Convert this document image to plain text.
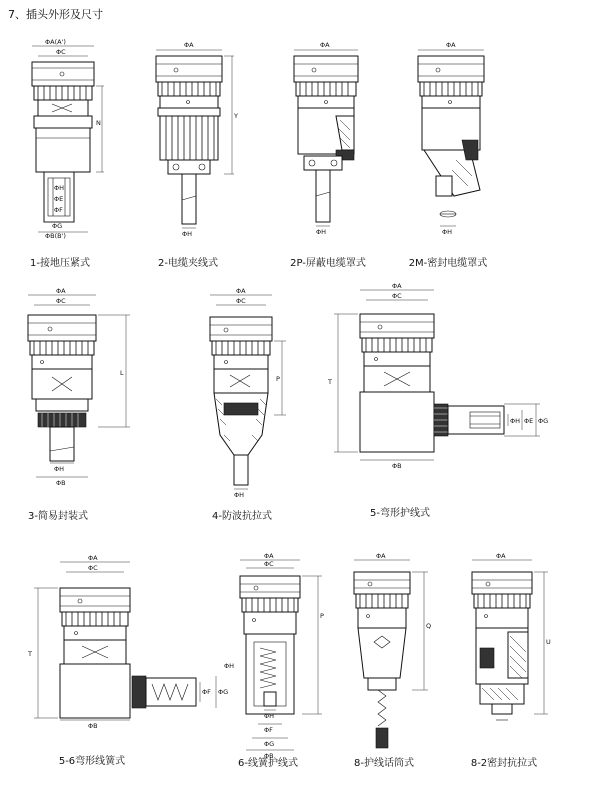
7、插头外形及尺寸
ΦA(A')
ΦC
ΦH
ΦE
ΦF
ΦG
ΦB(B')
N
1-接地压紧式
ΦA
ΦH
Y
2-电缆夹线式
ΦA
ΦH
2P-屏蔽电缆罩式
ΦA
ΦH
2M-密封电缆罩式
ΦA
ΦC
ΦH
ΦB
L
3-简易封装式
ΦA
ΦC
ΦH
P
4-防波抗拉式
ΦA
ΦC
ΦH ΦE ΦG
ΦB
T
5-弯形护线式
ΦA
ΦC
ΦF ΦG
ΦB
T
ΦH
5-6弯形线簧式
ΦA
ΦC
ΦH
ΦF
ΦG
ΦB
P
6-线簧护线式
ΦA
Q
8-护线话筒式
ΦA
U
8-2密封抗拉式
